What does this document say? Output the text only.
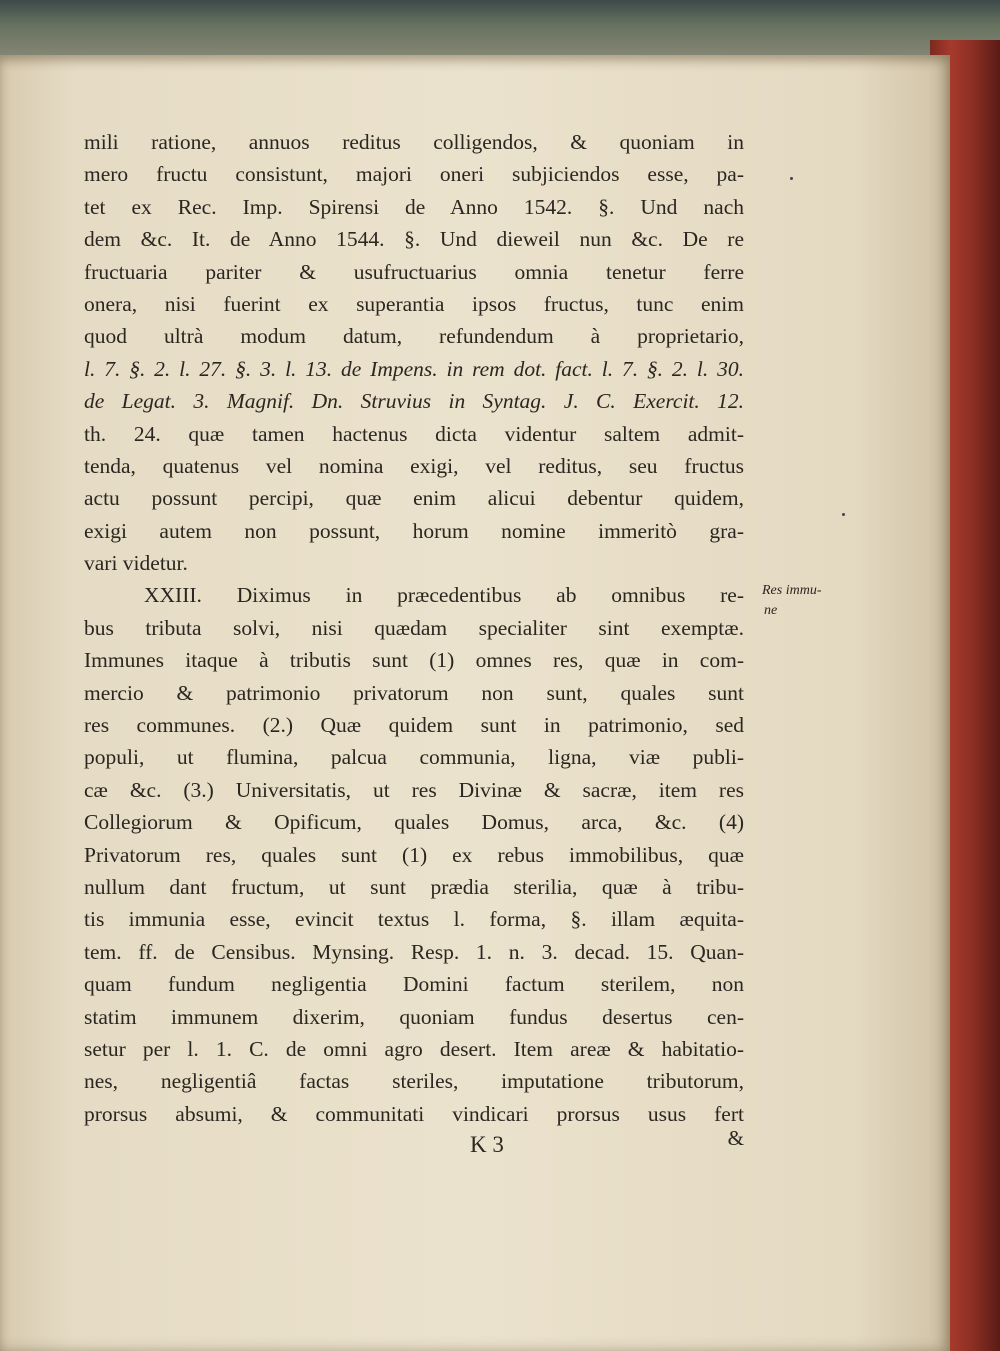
mili ratione, annuos reditus colligendos, & quoniam in
mero fructu consistunt, majori oneri subjiciendos esse, pa-
tet ex Rec. Imp. Spirensi de Anno 1542. §. Und nach
dem &c. It. de Anno 1544. §. Und dieweil nun &c. De re
fructuaria pariter & usufructuarius omnia tenetur ferre
onera, nisi fuerint ex superantia ipsos fructus, tunc enim
quod ultrà modum datum, refundendum à proprietario,
l. 7. §. 2. l. 27. §. 3. l. 13. de Impens. in rem dot. fact. l. 7. §. 2. l. 30.
de Legat. 3. Magnif. Dn. Struvius in Syntag. J. C. Exercit. 12.
th. 24. quæ tamen hactenus dicta videntur saltem admit-
tenda, quatenus vel nomina exigi, vel reditus, seu fructus
actu possunt percipi, quæ enim alicui debentur quidem,
exigi autem non possunt, horum nomine immeritò gra-
vari videtur.
XXIII. Diximus in præcedentibus ab omnibus re-
bus tributa solvi, nisi quædam specialiter sint exemptæ.
Immunes itaque à tributis sunt (1) omnes res, quæ in com-
mercio & patrimonio privatorum non sunt, quales sunt
res communes. (2.) Quæ quidem sunt in patrimonio, sed
populi, ut flumina, palcua communia, ligna, viæ publi-
cæ &c. (3.) Universitatis, ut res Divinæ & sacræ, item res
Collegiorum & Opificum, quales Domus, arca, &c. (4)
Privatorum res, quales sunt (1) ex rebus immobilibus, quæ
nullum dant fructum, ut sunt prædia sterilia, quæ à tribu-
tis immunia esse, evincit textus l. forma, §. illam æquita-
tem. ff. de Censibus. Mynsing. Resp. 1. n. 3. decad. 15. Quan-
quam fundum negligentia Domini factum sterilem, non
statim immunem dixerim, quoniam fundus desertus cen-
setur per l. 1. C. de omni agro desert. Item areæ & habitatio-
nes, negligentiâ factas steriles, imputatione tributorum,
prorsus absumi, & communitati vindicari prorsus usus fert
Res immu-
ne
K 3	&
